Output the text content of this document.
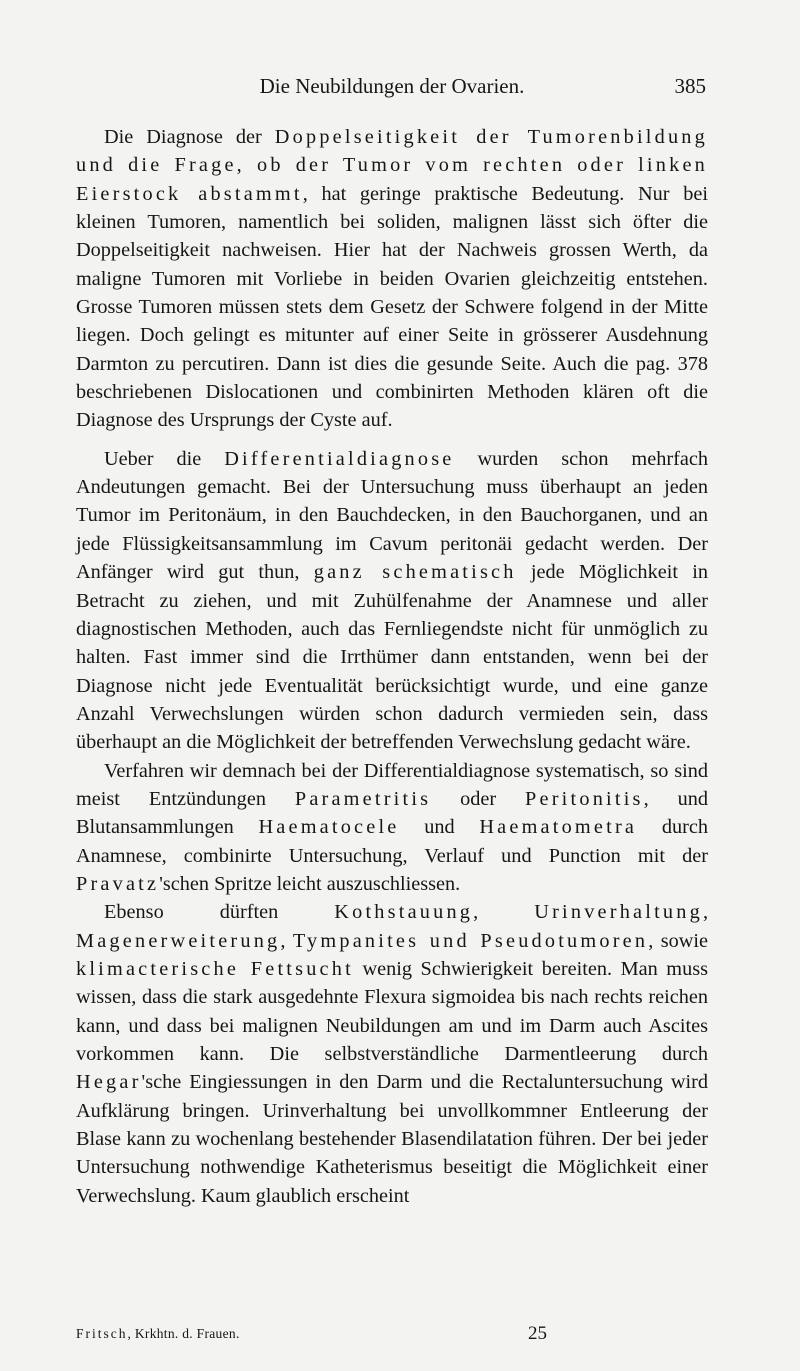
Die Neubildungen der Ovarien.	385

Die Diagnose der Doppelseitigkeit der Tumorenbildung und die Frage, ob der Tumor vom rechten oder linken Eierstock abstammt, hat geringe praktische Bedeutung. Nur bei kleinen Tumoren, namentlich bei soliden, malignen lässt sich öfter die Doppelseitigkeit nachweisen. Hier hat der Nachweis grossen Werth, da maligne Tumoren mit Vorliebe in beiden Ovarien gleichzeitig entstehen. Grosse Tumoren müssen stets dem Gesetz der Schwere folgend in der Mitte liegen. Doch gelingt es mitunter auf einer Seite in grösserer Ausdehnung Darmton zu percutiren. Dann ist dies die gesunde Seite. Auch die pag. 378 beschriebenen Dislocationen und combinirten Methoden klären oft die Diagnose des Ursprungs der Cyste auf.

Ueber die Differentialdiagnose wurden schon mehrfach Andeutungen gemacht. Bei der Untersuchung muss überhaupt an jeden Tumor im Peritonäum, in den Bauchdecken, in den Bauchorganen, und an jede Flüssigkeitsansammlung im Cavum peritonäi gedacht werden. Der Anfänger wird gut thun, ganz schematisch jede Möglichkeit in Betracht zu ziehen, und mit Zuhülfenahme der Anamnese und aller diagnostischen Methoden, auch das Fernliegendste nicht für unmöglich zu halten. Fast immer sind die Irrthümer dann entstanden, wenn bei der Diagnose nicht jede Eventualität berücksichtigt wurde, und eine ganze Anzahl Verwechslungen würden schon dadurch vermieden sein, dass überhaupt an die Möglichkeit der betreffenden Verwechslung gedacht wäre.

Verfahren wir demnach bei der Differentialdiagnose systematisch, so sind meist Entzündungen Parametritis oder Peritonitis, und Blutansammlungen Haematocele und Haematometra durch Anamnese, combinirte Untersuchung, Verlauf und Punction mit der Pravatz'schen Spritze leicht auszuschliessen.

Ebenso dürften Kothstauung, Urinverhaltung, Magenerweiterung, Tympanites und Pseudotumoren, sowie klimacterische Fettsucht wenig Schwierigkeit bereiten. Man muss wissen, dass die stark ausgedehnte Flexura sigmoidea bis nach rechts reichen kann, und dass bei malignen Neubildungen am und im Darm auch Ascites vorkommen kann. Die selbstverständliche Darmentleerung durch Hegar'sche Eingiessungen in den Darm und die Rectaluntersuchung wird Aufklärung bringen. Urinverhaltung bei unvollkommner Entleerung der Blase kann zu wochenlang bestehender Blasendilatation führen. Der bei jeder Untersuchung nothwendige Katheterismus beseitigt die Möglichkeit einer Verwechslung. Kaum glaublich erscheint

Fritsch, Krkhtn. d. Frauen.	25
